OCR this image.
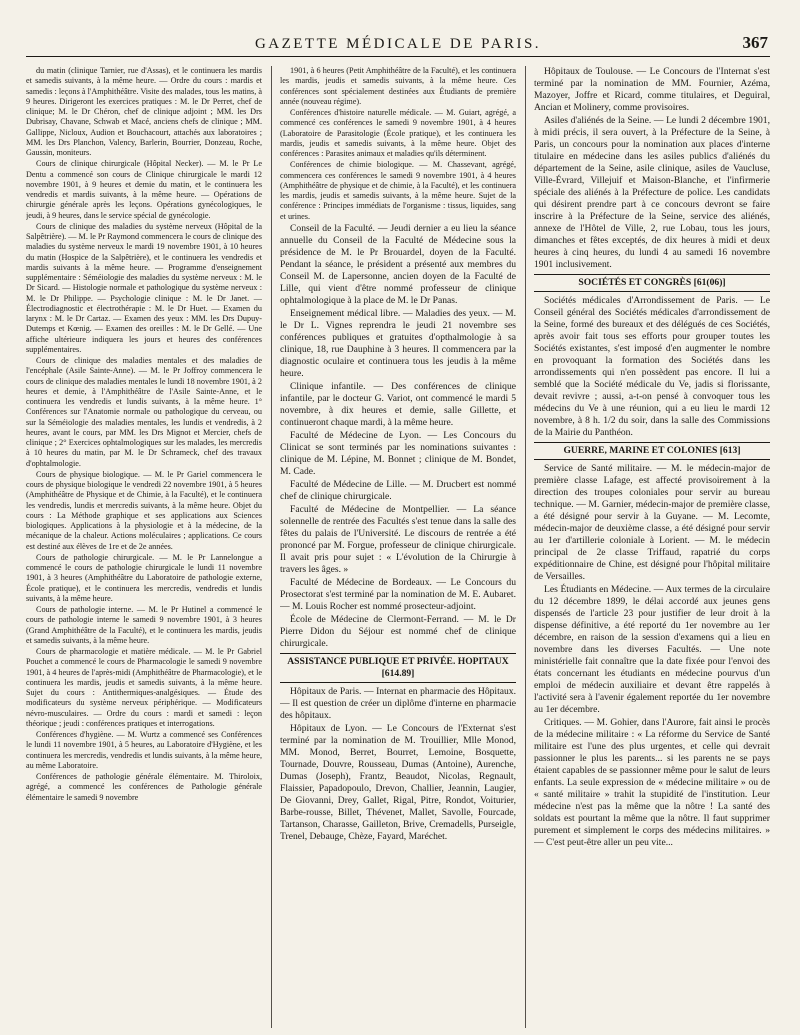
GAZETTE MÉDICALE DE PARIS.	367

du matin (clinique Tarnier, rue d'Assas), et le continuera les mardis et samedis suivants, à la même heure. — Ordre du cours : mardis et samedis : leçons à l'Amphithéâtre. Visite des malades, tous les matins, à 9 heures. Dirigeront les exercices pratiques : M. le Dr Perret, chef de clinique; M. le Dr Chéron, chef de clinique adjoint ; MM. les Drs Dubrisay, Chavane, Schwab et Macé, anciens chefs de clinique ; MM. Gallippe, Nicloux, Audion et Bouchacourt, attachés aux laboratoires ; MM. les Drs Planchon, Valency, Barlerin, Bourrier, Donzeau, Roche, Gaussin, moniteurs.

Cours de clinique chirurgicale (Hôpital Necker). — M. le Pr Le Dentu a commencé son cours de Clinique chirurgicale le mardi 12 novembre 1901, à 9 heures et demie du matin, et le continuera les vendredis et mardis suivants, à la même heure. — Opérations de chirurgie générale après les leçons. Opérations gynécologiques, le jeudi, à 9 heures, dans le service spécial de gynécologie.

Cours de clinique des maladies du système nerveux (Hôpital de la Salpêtrière). — M. le Pr Raymond commencera le cours de clinique des maladies du système nerveux le mardi 19 novembre 1901, à 10 heures du matin (Hospice de la Salpêtrière), et le continuera les vendredis et mardis suivants à la même heure. — Programme d'enseignement supplémentaire : Séméiologie des maladies du système nerveux : M. le Dr Sicard. — Histologie normale et pathologique du système nerveux : M. le Dr Philippe. — Psychologie clinique : M. le Dr Janet. — Électrodiagnostic et électrothérapie : M. le Dr Huet. — Examen du larynx : M. le Dr Cartaz. — Examen des yeux : MM. les Drs Dupuy-Dutemps et Kœnig. — Examen des oreilles : M. le Dr Gellé. — Une affiche ultérieure indiquera les jours et heures des conférences supplémentaires.

Cours de clinique des maladies mentales et des maladies de l'encéphale (Asile Sainte-Anne). — M. le Pr Joffroy commencera le cours de clinique des maladies mentales le lundi 18 novembre 1901, à 2 heures et demie, à l'Amphithéâtre de l'Asile Sainte-Anne, et le continuera les vendredis et lundis suivants, à la même heure. 1° Conférences sur l'Anatomie normale ou pathologique du cerveau, ou sur la Séméiologie des maladies mentales, les lundis et vendredis, à 2 heures, avant le cours, par MM. les Drs Mignot et Mercier, chefs de clinique ; 2° Exercices ophtalmologiques sur les malades, les mercredis à 10 heures du matin, par M. le Dr Schrameck, chef des travaux d'ophtalmologie.

Cours de physique biologique. — M. le Pr Gariel commencera le cours de physique biologique le vendredi 22 novembre 1901, à 5 heures (Amphithéâtre de Physique et de Chimie, à la Faculté), et le continuera les vendredis, lundis et mercredis suivants, à la même heure. Objet du cours : La Méthode graphique et ses applications aux Sciences biologiques. Applications à la physiologie et à la médecine, de la mécanique de la chaleur. Actions moléculaires ; applications. Ce cours est destiné aux élèves de 1re et de 2e années.

Cours de pathologie chirurgicale. — M. le Pr Lannelongue a commencé le cours de pathologie chirurgicale le lundi 11 novembre 1901, à 3 heures (Amphithéâtre du Laboratoire de pathologie externe, École pratique), et le continuera les mercredis, vendredis et lundis suivants, à la même heure.

Cours de pathologie interne. — M. le Pr Hutinel a commencé le cours de pathologie interne le samedi 9 novembre 1901, à 3 heures (Grand Amphithéâtre de la Faculté), et le continuera les mardis, jeudis et samedis suivants, à la même heure.

Cours de pharmacologie et matière médicale. — M. le Pr Gabriel Pouchet a commencé le cours de Pharmacologie le samedi 9 novembre 1901, à 4 heures de l'après-midi (Amphithéâtre de Pharmacologie), et le continuera les mardis, jeudis et samedis suivants, à la même heure. Sujet du cours : Antithermiques-analgésiques. — Étude des modificateurs du système nerveux périphérique. — Modificateurs névro-musculaires. — Ordre du cours : mardi et samedi : leçon théorique ; jeudi : conférences pratiques et interrogations.

Conférences d'hygiène. — M. Wurtz a commencé ses Conférences le lundi 11 novembre 1901, à 5 heures, au Laboratoire d'Hygiène, et les continuera les mercredis, vendredis et lundis suivants, à la même heure, au même Laboratoire.

Conférences de pathologie générale élémentaire. M. Thiroloix, agrégé, a commencé les conférences de Pathologie générale élémentaire le samedi 9 novembre

1901, à 6 heures (Petit Amphithéâtre de la Faculté), et les continuera les mardis, jeudis et samedis suivants, à la même heure. Ces conférences sont spécialement destinées aux Étudiants de première année (nouveau régime).

Conférences d'histoire naturelle médicale. — M. Guiart, agrégé, a commencé ces conférences le samedi 9 novembre 1901, à 4 heures (Laboratoire de Parasitologie (École pratique), et les continuera les mardis, jeudis et samedis suivants, à la même heure. Objet des conférences : Parasites animaux et maladies qu'ils déterminent.

Conférences de chimie biologique. — M. Chassevant, agrégé, commencera ces conférences le samedi 9 novembre 1901, à 4 heures (Amphithéâtre de physique et de chimie, à la Faculté), et les continuera les mardis, jeudis et samedis suivants, à la même heure. Sujet de la conférence : Principes immédiats de l'organisme : tissus, liquides, sang et urines.

Conseil de la Faculté. — Jeudi dernier a eu lieu la séance annuelle du Conseil de la Faculté de Médecine sous la présidence de M. le Pr Brouardel, doyen de la Faculté. Pendant la séance, le président a présenté aux membres du Conseil M. de Lapersonne, ancien doyen de la Faculté de Lille, qui vient d'être nommé professeur de clinique ophtalmologique à la place de M. le Dr Panas.

Enseignement médical libre. — Maladies des yeux. — M. le Dr L. Vignes reprendra le jeudi 21 novembre ses conférences publiques et gratuites d'opthalmologie à sa clinique, 18, rue Dauphine à 3 heures. Il commencera par la diagnostic oculaire et continuera tous les jeudis à la même heure.

Clinique infantile. — Des conférences de clinique infantile, par le docteur G. Variot, ont commencé le mardi 5 novembre, à dix heures et demie, salle Gillette, et continueront chaque mardi, à la même heure.

Faculté de Médecine de Lyon. — Les Concours du Clinicat se sont terminés par les nominations suivantes : clinique de M. Lépine, M. Bonnet ; clinique de M. Bondet, M. Cade.

Faculté de Médecine de Lille. — M. Drucbert est nommé chef de clinique chirurgicale.

Faculté de Médecine de Montpellier. — La séance solennelle de rentrée des Facultés s'est tenue dans la salle des fêtes du palais de l'Université. Le discours de rentrée a été prononcé par M. Forgue, professeur de clinique chirurgicale. Il avait pris pour sujet : « L'évolution de la Chirurgie à travers les âges. »

Faculté de Médecine de Bordeaux. — Le Concours du Prosectorat s'est terminé par la nomination de M. E. Aubaret. — M. Louis Rocher est nommé prosecteur-adjoint.

École de Médecine de Clermont-Ferrand. — M. le Dr Pierre Didon du Séjour est nommé chef de clinique chirurgicale.

ASSISTANCE PUBLIQUE ET PRIVÉE. HOPITAUX [614.89]

Hôpitaux de Paris. — Internat en pharmacie des Hôpitaux. — Il est question de créer un diplôme d'interne en pharmacie des hôpitaux.

Hôpitaux de Lyon. — Le Concours de l'Externat s'est terminé par la nomination de M. Trouillier, Mlle Monod, MM. Monod, Berret, Bourret, Lemoine, Bosquette, Tournade, Douvre, Rousseau, Dumas (Antoine), Aurenche, Dumas (Joseph), Frantz, Beaudot, Nicolas, Regnault, Flaissier, Papadopoulo, Drevon, Challier, Jeannin, Laugier, De Giovanni, Drey, Gallet, Rigal, Pitre, Rondot, Voiturier, Barbe-rousse, Billet, Thévenet, Mallet, Savolle, Fourcade, Tartanson, Charasse, Gailleton, Brive, Cremadells, Purseigle, Trenel, Debauge, Chèze, Fayard, Maréchet.

Hôpitaux de Toulouse. — Le Concours de l'Internat s'est terminé par la nomination de MM. Fournier, Azéma, Mazoyer, Joffre et Ricard, comme titulaires, et Deguiral, Ancian et Molinery, comme provisoires.

Asiles d'aliénés de la Seine. — Le lundi 2 décembre 1901, à midi précis, il sera ouvert, à la Préfecture de la Seine, à Paris, un concours pour la nomination aux places d'interne titulaire en médecine dans les asiles publics d'aliénés du département de la Seine, asile clinique, asiles de Vaucluse, Ville-Évrard, Villejuif et Maison-Blanche, et l'infirmerie spéciale des aliénés à la Préfecture de police. Les candidats qui désirent prendre part à ce concours devront se faire inscrire à la Préfecture de la Seine, service des aliénés, annexe de l'Hôtel de Ville, 2, rue Lobau, tous les jours, dimanches et fêtes exceptés, de dix heures à midi et deux heures à cinq heures, du lundi 4 au samedi 16 novembre 1901 inclusivement.

SOCIÉTÉS ET CONGRÈS [61(06)]

Sociétés médicales d'Arrondissement de Paris. — Le Conseil général des Sociétés médicales d'arrondissement de la Seine, formé des bureaux et des délégués de ces Sociétés, après avoir fait tous ses efforts pour grouper toutes les Sociétés existantes, s'est imposé d'en augmenter le nombre en provoquant la formation des Sociétés dans les arrondissements qui n'en possèdent pas encore. Il lui a semblé que la Société médicale du Ve, jadis si florissante, devait revivre ; aussi, a-t-on pensé à convoquer tous les médecins du Ve à une réunion, qui a eu lieu le mardi 12 novembre, à 8 h. 1/2 du soir, dans la salle des Commissions de la Mairie du Panthéon.

GUERRE, MARINE ET COLONIES [613]

Service de Santé militaire. — M. le médecin-major de première classe Lafage, est affecté provisoirement à la direction des troupes coloniales pour servir au bureau technique. — M. Garnier, médecin-major de première classe, a été désigné pour servir à la Guyane. — M. Lecomte, médecin-major de deuxième classe, a été désigné pour servir au 1er d'artillerie coloniale à Lorient. — M. le médecin principal de 2e classe Triffaud, rapatrié du corps expéditionnaire de Chine, est désigné pour l'hôpital militaire de Versailles.

Les Étudiants en Médecine. — Aux termes de la circulaire du 12 décembre 1899, le délai accordé aux jeunes gens dispensés de l'article 23 pour justifier de leur droit à la dispense définitive, a été reporté du 1er novembre au 1er décembre, en raison de la session d'examens qui a lieu en novembre dans les diverses Facultés. — Une note ministérielle fait connaître que la date fixée pour l'envoi des états concernant les étudiants en médecine pourvus d'un emploi de médecin auxiliaire et devant être rappelés à l'activité sera à l'avenir également reportée du 1er novembre au 1er décembre.

Critiques. — M. Gohier, dans l'Aurore, fait ainsi le procès de la médecine militaire : « La réforme du Service de Santé militaire est l'une des plus urgentes, et celle qui devrait passionner le plus les parents... si les parents ne se pays étaient capables de se passionner même pour le salut de leurs enfants. La seule expression de « médecine militaire » ou de « santé militaire » trahit la stupidité de l'institution. Leur médecine n'est pas la même que la nôtre ! La santé des soldats est pourtant la même que la nôtre. Il faut supprimer purement et simplement le corps des médecins militaires. » — C'est peut-être aller un peu vite...
